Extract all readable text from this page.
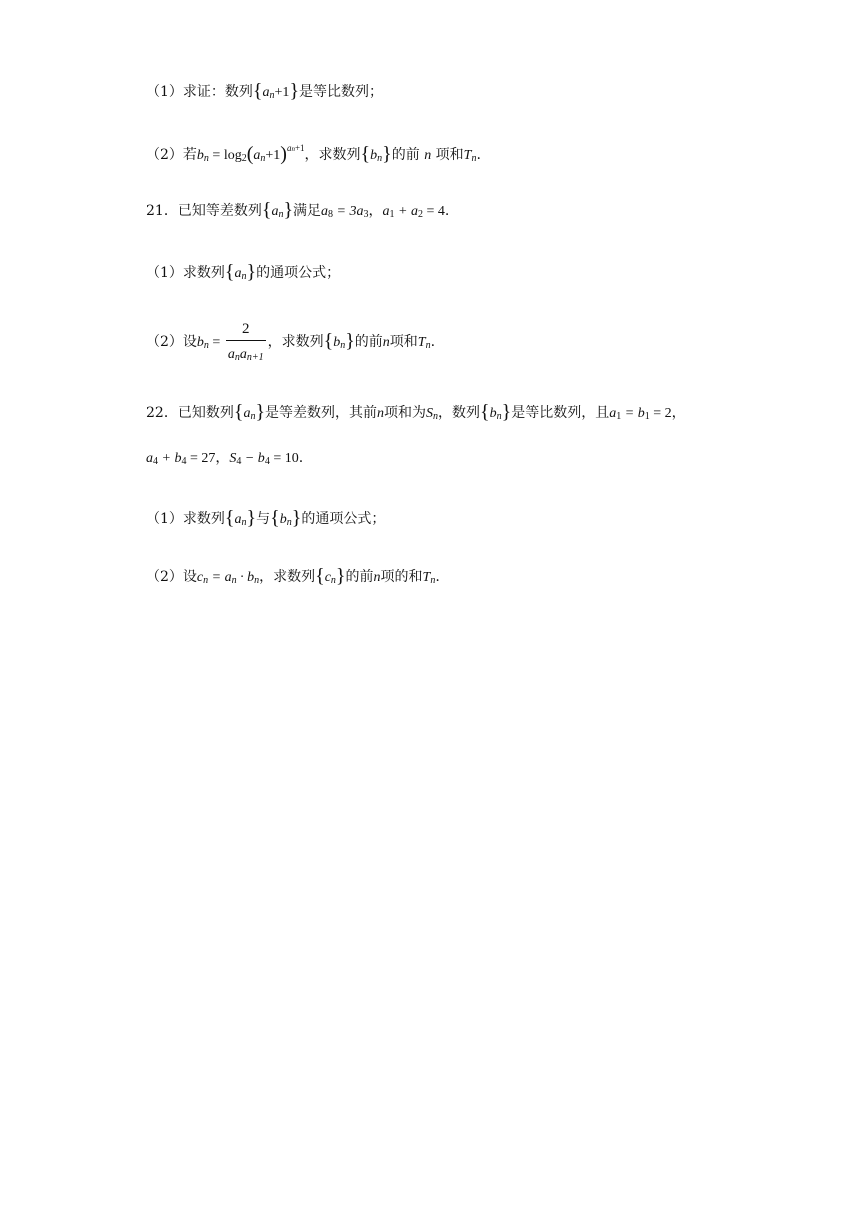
（1）求证：数列$\{a_n+1\}$是等比数列；
（2）若$b_n = \log_2(a_n+1)^{an+1}$，求数列$\{b_n\}$的前 n 项和$T_n$.
21．已知等差数列$\{a_n\}$满足$a_8 = 3a_3$，$a_1 + a_2 = 4$.
（1）求数列$\{a_n\}$的通项公式；
（2）设$b_n = \frac{2}{a_na_{n+1}}$ ，求数列$\{b_n\}$的前n项和$T_n$.
22．已知数列$\{a_n\}$是等差数列，其前n项和为$S_n$，数列$\{b_n\}$是等比数列，且$a_1 = b_1 = 2$，
$a_4 + b_4 = 27$，$S_4 - b_4 = 10$.
（1）求数列$\{a_n\}$与$\{b_n\}$的通项公式；
（2）设$c_n = a_n \cdot b_n$，求数列$\{c_n\}$的前n项的和$T_n$.
